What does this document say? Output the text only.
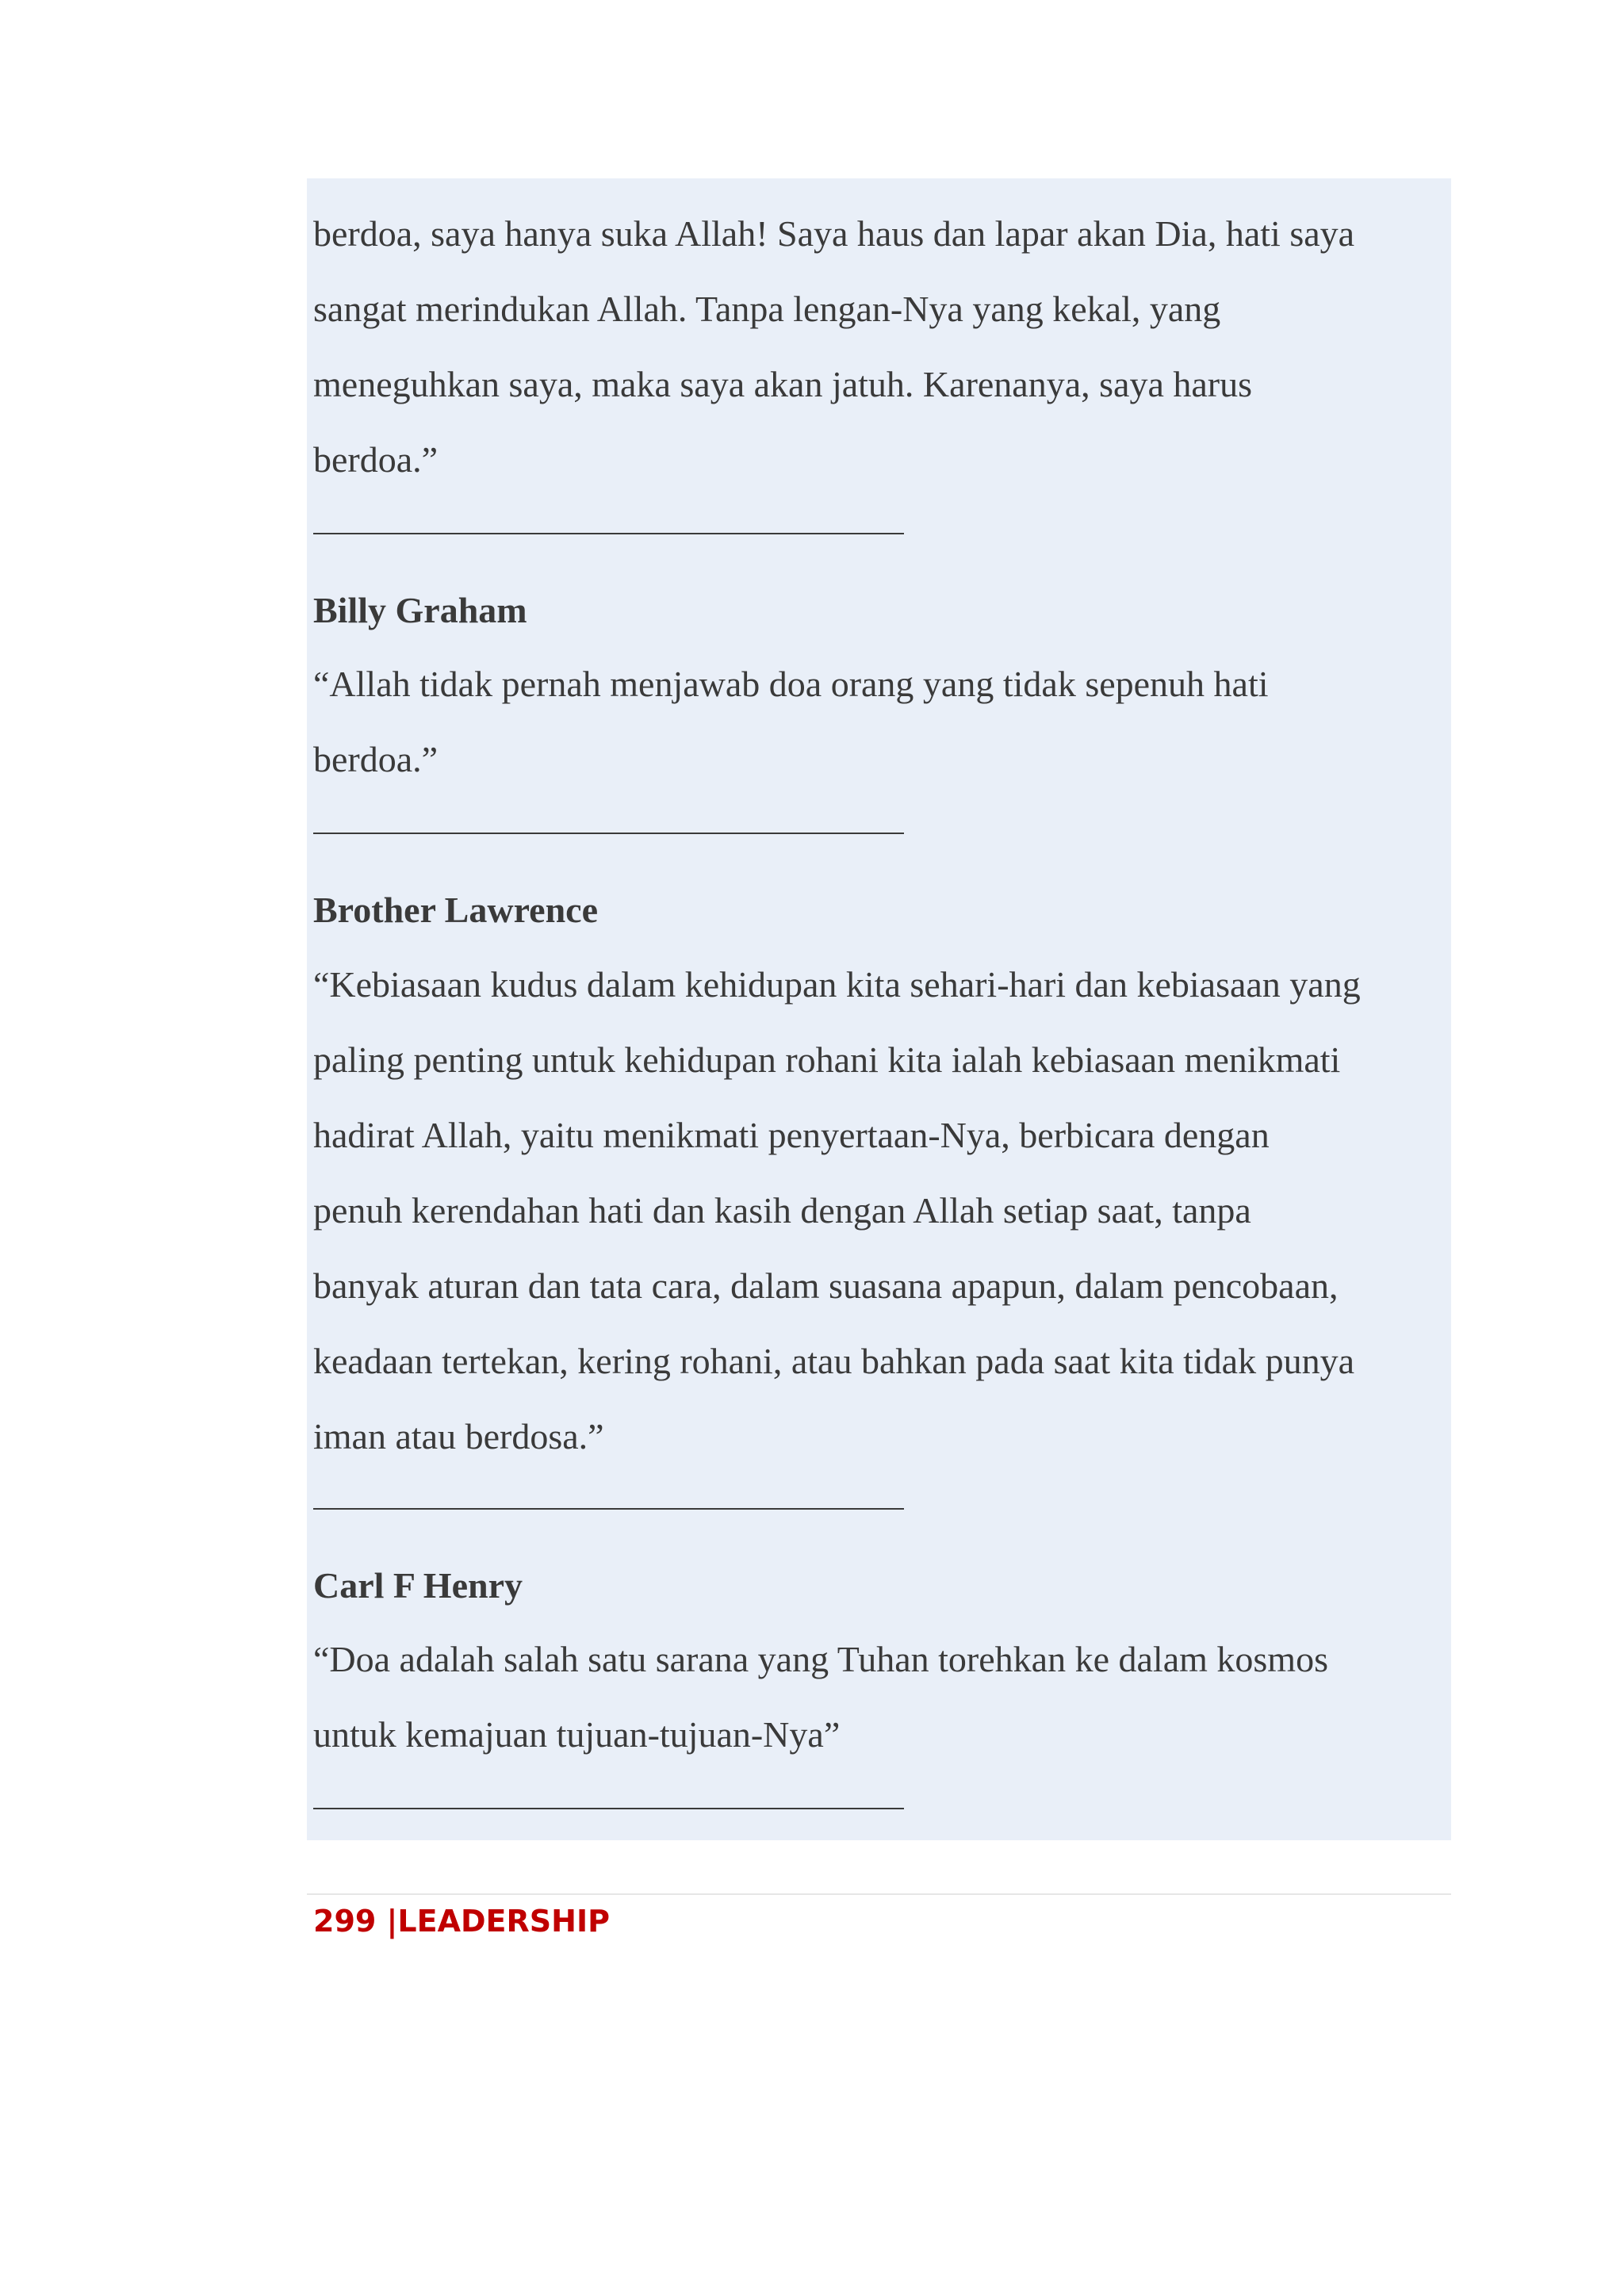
berdoa, saya hanya suka Allah! Saya haus dan lapar akan Dia, hati saya
sangat merindukan Allah. Tanpa lengan-Nya yang kekal, yang
meneguhkan saya, maka saya akan jatuh. Karenanya, saya harus
berdoa.”
Billy Graham
“Allah tidak pernah menjawab doa orang yang tidak sepenuh hati
berdoa.”
Brother Lawrence
“Kebiasaan kudus dalam kehidupan kita sehari-hari dan kebiasaan yang
paling penting untuk kehidupan rohani kita ialah kebiasaan menikmati
hadirat Allah, yaitu menikmati penyertaan-Nya, berbicara dengan
penuh kerendahan hati dan kasih dengan Allah setiap saat, tanpa
banyak aturan dan tata cara, dalam suasana apapun, dalam pencobaan,
keadaan tertekan, kering rohani, atau bahkan pada saat kita tidak punya
iman atau berdosa.”
Carl F Henry
“Doa adalah salah satu sarana yang Tuhan torehkan ke dalam kosmos
untuk kemajuan tujuan-tujuan-Nya”
299 |LEADERSHIP
